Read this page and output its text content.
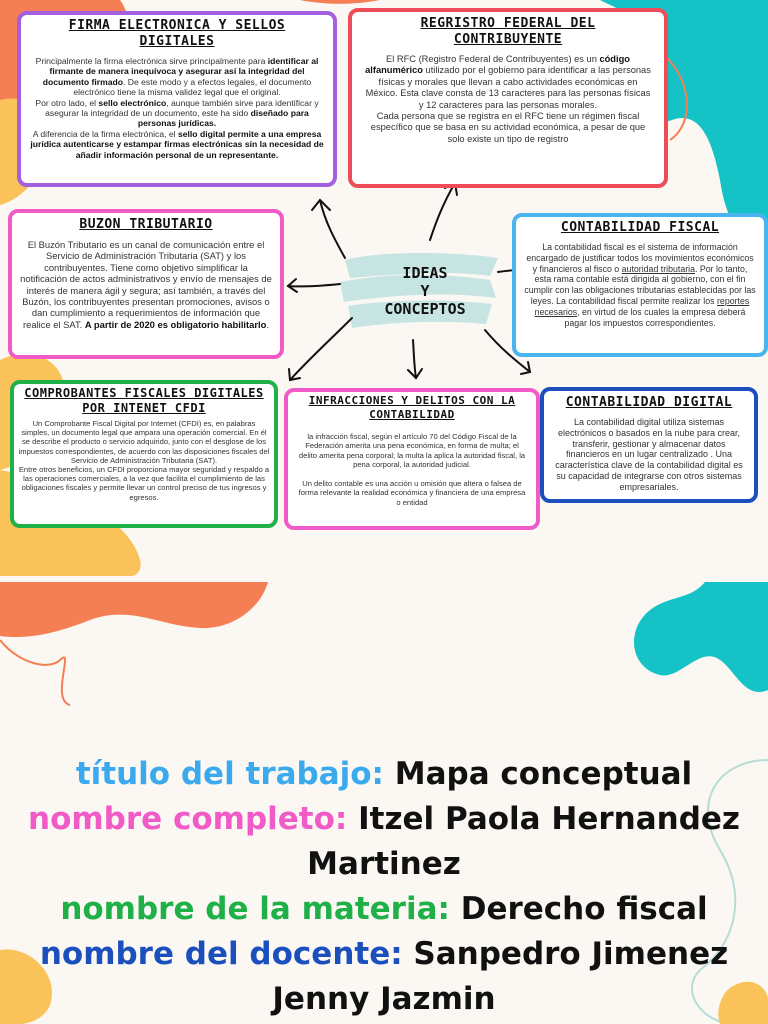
IDEAS
Y
CONCEPTOS
FIRMA ELECTRONICA Y SELLOS DIGITALES
Principalmente la firma electrónica sirve principalmente para identificar al firmante de manera inequívoca y asegurar así la integridad del documento firmado. De este modo y a efectos legales, el documento electrónico tiene la misma validez legal que el original.
Por otro lado, el sello electrónico, aunque también sirve para identificar y asegurar la integridad de un documento, este ha sido diseñado para personas jurídicas.
A diferencia de la firma electrónica, el sello digital permite a una empresa jurídica autenticarse y estampar firmas electrónicas sin la necesidad de añadir información personal de un representante.
REGRISTRO FEDERAL DEL CONTRIBUYENTE
El RFC (Registro Federal de Contribuyentes) es un código alfanumérico utilizado por el gobierno para identificar a las personas físicas y morales que llevan a cabo actividades económicas en México. Esta clave consta de 13 caracteres para las personas físicas y 12 caracteres para las personas morales.
Cada persona que se registra en el RFC tiene un régimen fiscal específico que se basa en su actividad económica, a pesar de que solo existe un tipo de registro
BUZON TRIBUTARIO
El Buzón Tributario es un canal de comunicación entre el Servicio de Administración Tributaria (SAT) y los contribuyentes. Tiene como objetivo simplificar la notificación de actos administrativos y envío de mensajes de interés de manera ágil y segura; así también, a través del Buzón, los contribuyentes presentan promociones, avisos o dan cumplimiento a requerimientos de información que realice el SAT. A partir de 2020 es obligatorio habilitarlo.
CONTABILIDAD FISCAL
La contabilidad fiscal es el sistema de información encargado de justificar todos los movimientos económicos y financieros al fisco o autoridad tributaria. Por lo tanto, esta rama contable está dirigida al gobierno, con el fin cumplir con las obligaciones tributarias establecidas por las leyes. La contabilidad fiscal permite realizar los reportes necesarios, en virtud de los cuales la empresa deberá pagar los impuestos correspondientes.
COMPROBANTES FISCALES DIGITALES POR INTENET CFDI
Un Comprobante Fiscal Digital por Internet (CFDI) es, en palabras simples, un documento legal que ampara una operación comercial. En él se describe el producto o servicio adquirido, junto con el desglose de los impuestos correspondientes, de acuerdo con las disposiciones fiscales del Servicio de Administración Tributaria (SAT).
Entre otros beneficios, un CFDI proporciona mayor seguridad y respaldo a las operaciones comerciales, a la vez que facilita el cumplimiento de las obligaciones fiscales y permite llevar un control preciso de tus ingresos y egresos.
INFRACCIONES Y DELITOS CON LA CONTABILIDAD
la infracción fiscal, según el artículo 70 del Código Fiscal de la Federación amerita una pena económica, en forma de multa; el delito amerita pena corporal; la multa la aplica la autoridad fiscal, la pena corporal, la autoridad judicial.

Un delito contable es una acción u omisión que altera o falsea de forma relevante la realidad económica y financiera de una empresa o entidad
CONTABILIDAD DIGITAL
La contabilidad digital utiliza sistemas electrónicos o basados en la nube para crear, transferir, gestionar y almacenar datos financieros en un lugar centralizado . Una característica clave de la contabilidad digital es su capacidad de integrarse con otros sistemas empresariales.
título del trabajo: Mapa conceptual
nombre completo: Itzel Paola Hernandez
Martinez
nombre de la materia: Derecho fiscal
nombre del docente: Sanpedro Jimenez
Jenny Jazmin
